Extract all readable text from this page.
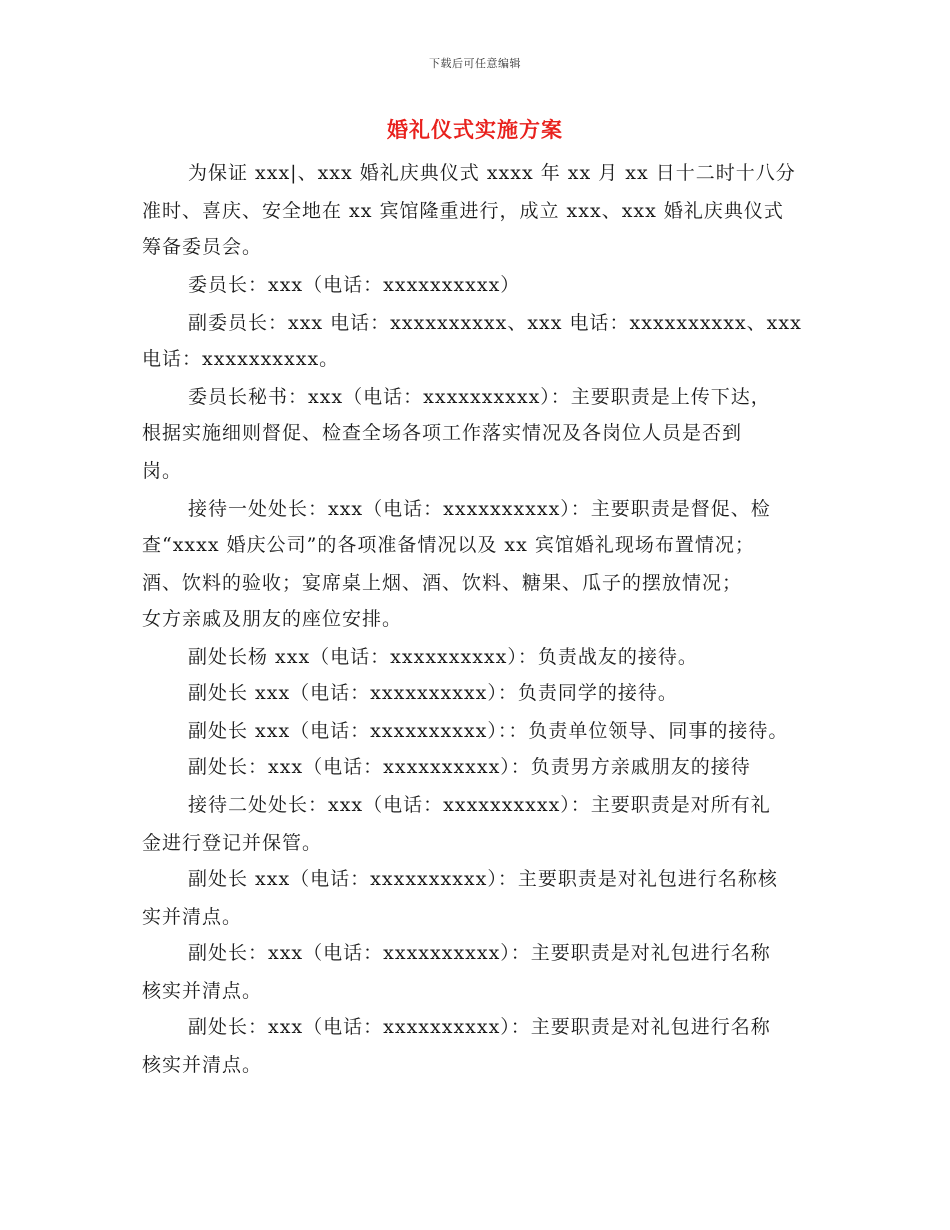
下载后可任意编辑
婚礼仪式实施方案
为保证 xxx|、xxx 婚礼庆典仪式 xxxx 年 xx 月 xx 日十二时十八分
准时、喜庆、安全地在 xx 宾馆隆重进行，成立 xxx、xxx 婚礼庆典仪式
筹备委员会。
委员长：xxx（电话：xxxxxxxxxx）
副委员长：xxx 电话：xxxxxxxxxx、xxx 电话：xxxxxxxxxx、xxx
电话：xxxxxxxxxx。
委员长秘书：xxx（电话：xxxxxxxxxx）：主要职责是上传下达，
根据实施细则督促、检查全场各项工作落实情况及各岗位人员是否到
岗。
接待一处处长：xxx（电话：xxxxxxxxxx）：主要职责是督促、检
查“xxxx 婚庆公司”的各项准备情况以及 xx 宾馆婚礼现场布置情况；
酒、饮料的验收；宴席桌上烟、酒、饮料、糖果、瓜子的摆放情况；
女方亲戚及朋友的座位安排。
副处长杨 xxx（电话：xxxxxxxxxx）：负责战友的接待。
副处长 xxx（电话：xxxxxxxxxx）：负责同学的接待。
副处长 xxx（电话：xxxxxxxxxx）：：负责单位领导、同事的接待。
副处长：xxx（电话：xxxxxxxxxx）：负责男方亲戚朋友的接待
接待二处处长：xxx（电话：xxxxxxxxxx）：主要职责是对所有礼
金进行登记并保管。
副处长 xxx（电话：xxxxxxxxxx）：主要职责是对礼包进行名称核
实并清点。
副处长：xxx（电话：xxxxxxxxxx）：主要职责是对礼包进行名称
核实并清点。
副处长：xxx（电话：xxxxxxxxxx）：主要职责是对礼包进行名称
核实并清点。
